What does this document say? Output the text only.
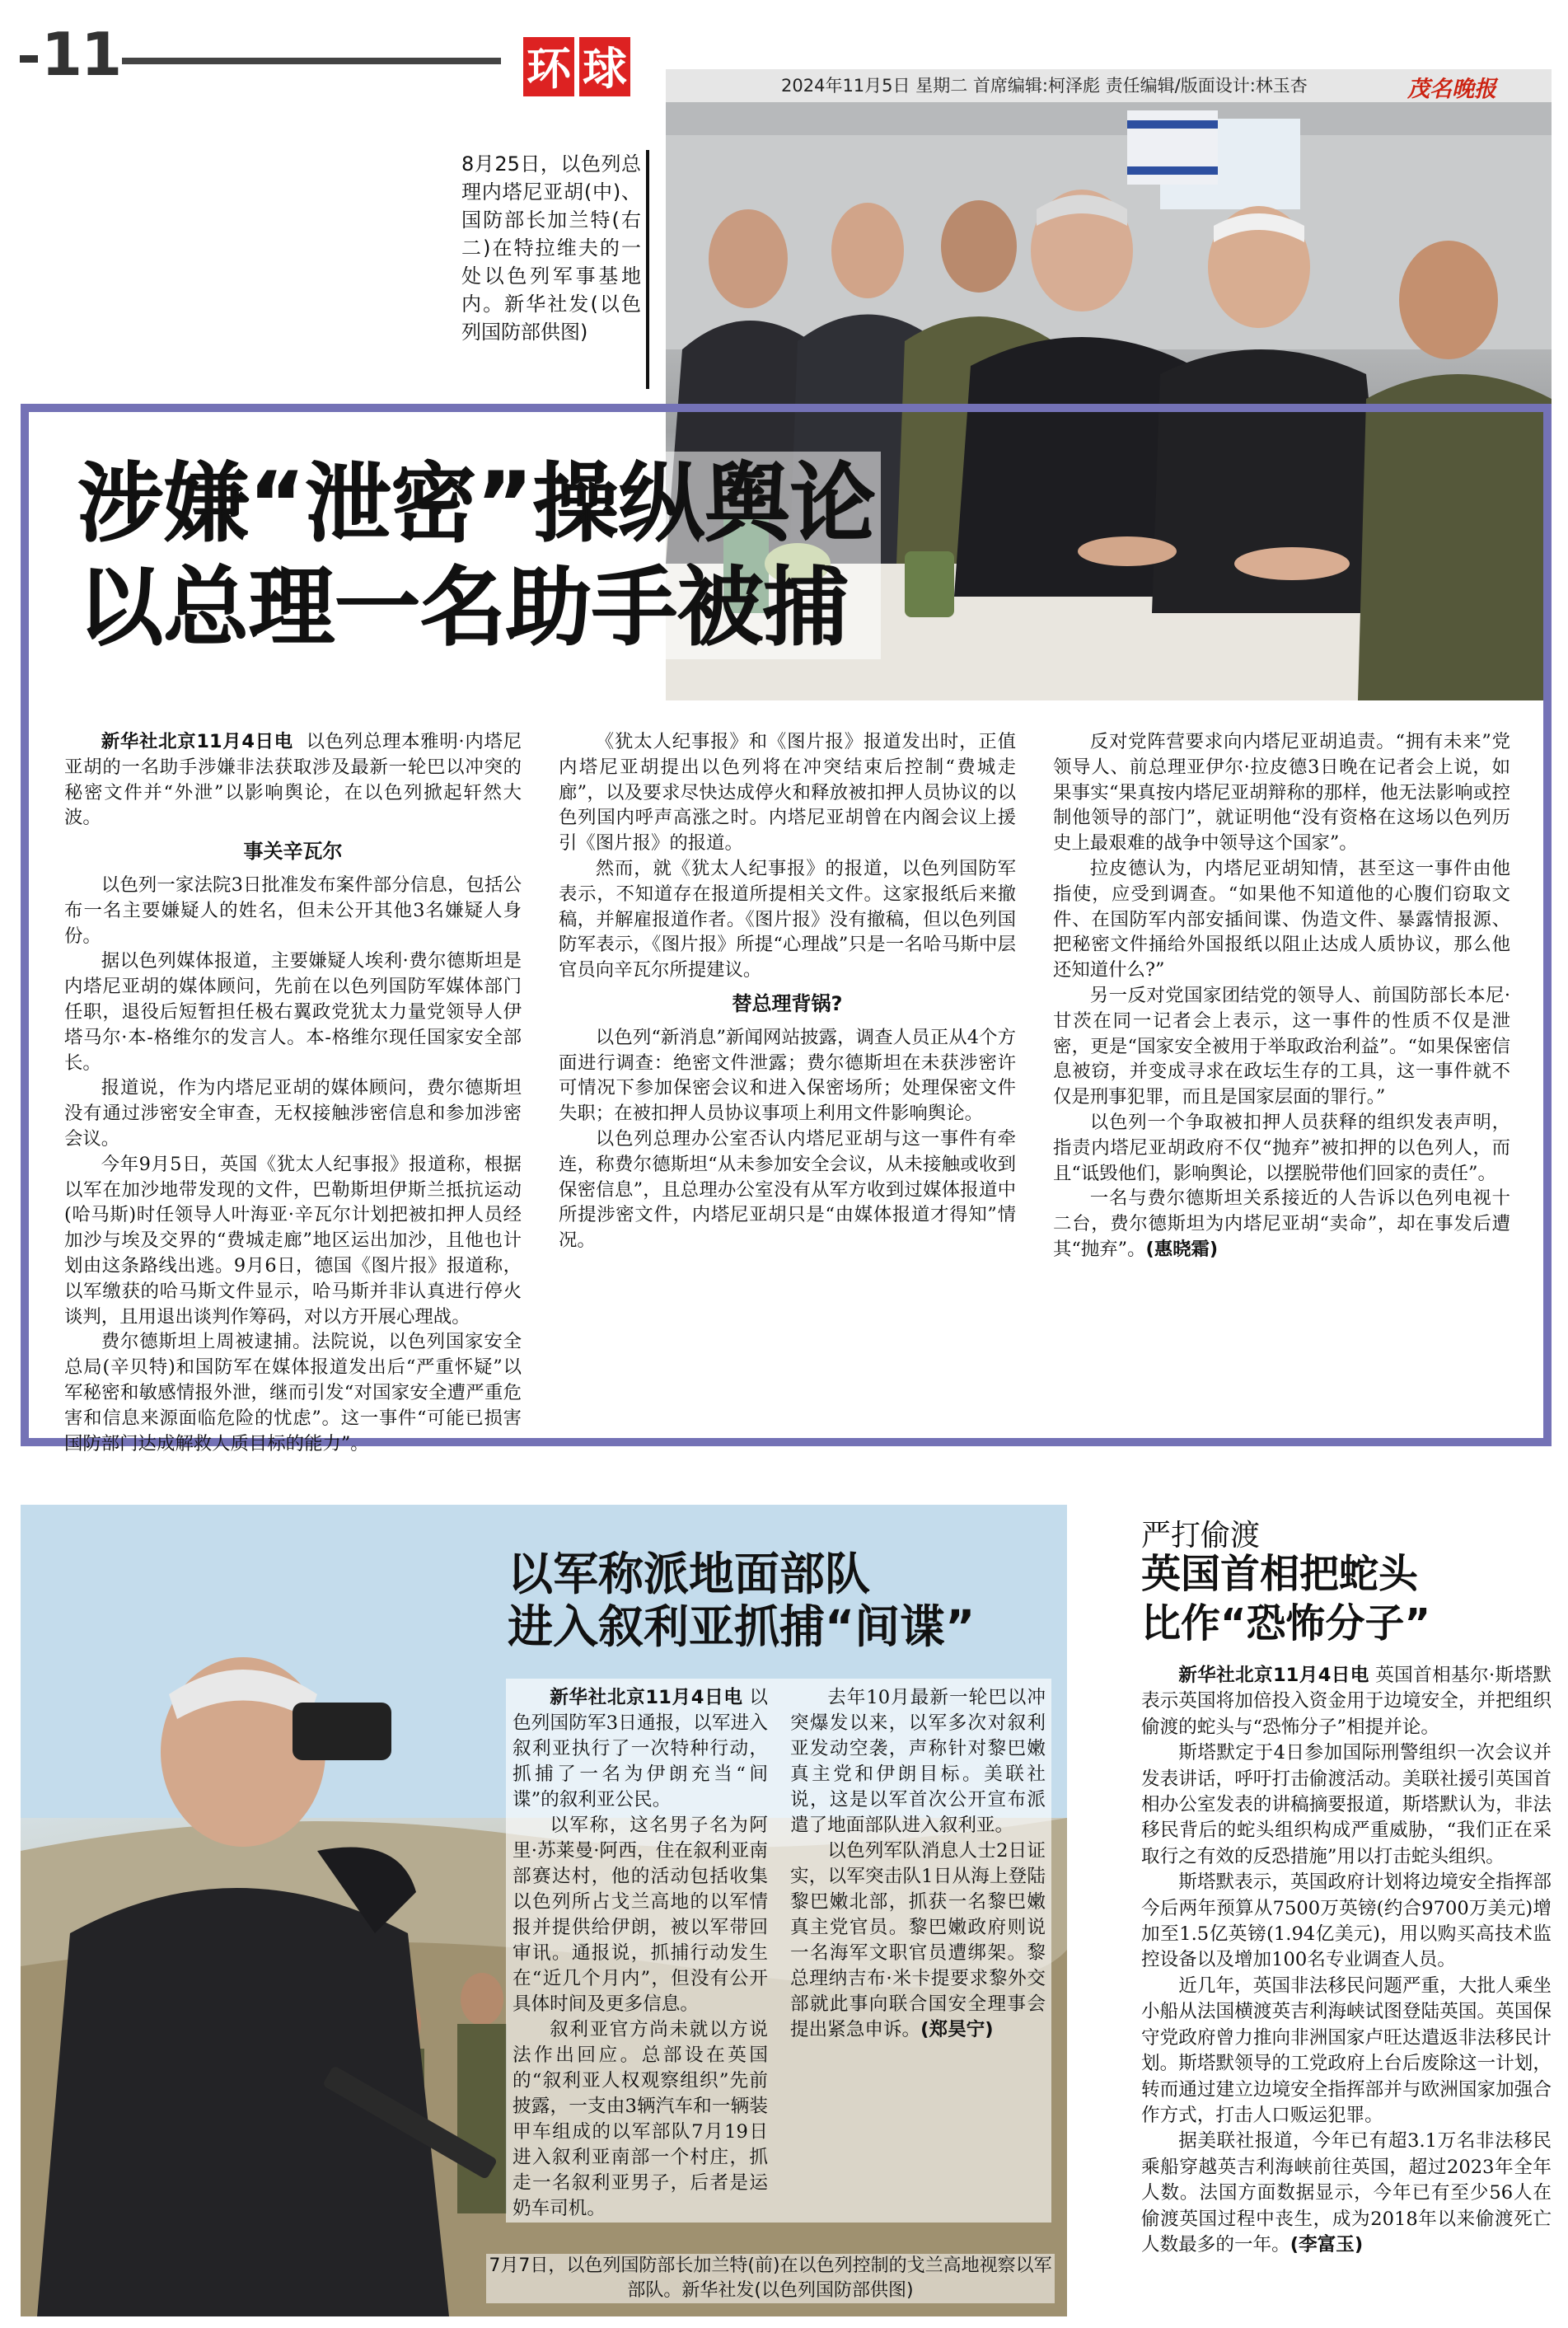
11	环 球	2024年11月5日 星期二 首席编辑:柯泽彪 责任编辑/版面设计:林玉杏	茂名晚报
8月25日，以色列总理内塔尼亚胡(中)、国防部长加兰特(右二)在特拉维夫的一处以色列军事基地内。新华社发(以色列国防部供图)
涉嫌“泄密”操纵舆论
以总理一名助手被捕

新华社北京11月4日电 以色列总理本雅明·内塔尼亚胡的一名助手涉嫌非法获取涉及最新一轮巴以冲突的秘密文件并“外泄”以影响舆论，在以色列掀起轩然大波。

事关辛瓦尔

以色列一家法院3日批准发布案件部分信息，包括公布一名主要嫌疑人的姓名，但未公开其他3名嫌疑人身份。

据以色列媒体报道，主要嫌疑人埃利·费尔德斯坦是内塔尼亚胡的媒体顾问，先前在以色列国防军媒体部门任职，退役后短暂担任极右翼政党犹太力量党领导人伊塔马尔·本-格维尔的发言人。本-格维尔现任国家安全部长。

报道说，作为内塔尼亚胡的媒体顾问，费尔德斯坦没有通过涉密安全审查，无权接触涉密信息和参加涉密会议。

今年9月5日，英国《犹太人纪事报》报道称，根据以军在加沙地带发现的文件，巴勒斯坦伊斯兰抵抗运动(哈马斯)时任领导人叶海亚·辛瓦尔计划把被扣押人员经加沙与埃及交界的“费城走廊”地区运出加沙，且他也计划由这条路线出逃。9月6日，德国《图片报》报道称，以军缴获的哈马斯文件显示，哈马斯并非认真进行停火谈判，且用退出谈判作筹码，对以方开展心理战。

费尔德斯坦上周被逮捕。法院说，以色列国家安全总局(辛贝特)和国防军在媒体报道发出后“严重怀疑”以军秘密和敏感情报外泄，继而引发“对国家安全遭严重危害和信息来源面临危险的忧虑”。这一事件“可能已损害国防部门达成解救人质目标的能力”。

《犹太人纪事报》和《图片报》报道发出时，正值内塔尼亚胡提出以色列将在冲突结束后控制“费城走廊”，以及要求尽快达成停火和释放被扣押人员协议的以色列国内呼声高涨之时。内塔尼亚胡曾在内阁会议上援引《图片报》的报道。

然而，就《犹太人纪事报》的报道，以色列国防军表示，不知道存在报道所提相关文件。这家报纸后来撤稿，并解雇报道作者。《图片报》没有撤稿，但以色列国防军表示，《图片报》所提“心理战”只是一名哈马斯中层官员向辛瓦尔所提建议。

替总理背锅?

以色列“新消息”新闻网站披露，调查人员正从4个方面进行调查：绝密文件泄露；费尔德斯坦在未获涉密许可情况下参加保密会议和进入保密场所；处理保密文件失职；在被扣押人员协议事项上利用文件影响舆论。

以色列总理办公室否认内塔尼亚胡与这一事件有牵连，称费尔德斯坦“从未参加安全会议，从未接触或收到保密信息”，且总理办公室没有从军方收到过媒体报道中所提涉密文件，内塔尼亚胡只是“由媒体报道才得知”情况。

反对党阵营要求向内塔尼亚胡追责。“拥有未来”党领导人、前总理亚伊尔·拉皮德3日晚在记者会上说，如果事实“果真按内塔尼亚胡辩称的那样，他无法影响或控制他领导的部门”，就证明他“没有资格在这场以色列历史上最艰难的战争中领导这个国家”。

拉皮德认为，内塔尼亚胡知情，甚至这一事件由他指使，应受到调查。“如果他不知道他的心腹们窃取文件、在国防军内部安插间谍、伪造文件、暴露情报源、把秘密文件捅给外国报纸以阻止达成人质协议，那么他还知道什么?”

另一反对党国家团结党的领导人、前国防部长本尼·甘茨在同一记者会上表示，这一事件的性质不仅是泄密，更是“国家安全被用于举取政治利益”。“如果保密信息被窃，并变成寻求在政坛生存的工具，这一事件就不仅是刑事犯罪，而且是国家层面的罪行。”

以色列一个争取被扣押人员获释的组织发表声明，指责内塔尼亚胡政府不仅“抛弃”被扣押的以色列人，而且“诋毁他们，影响舆论，以摆脱带他们回家的责任”。

一名与费尔德斯坦关系接近的人告诉以色列电视十二台，费尔德斯坦为内塔尼亚胡“卖命”，却在事发后遭其“抛弃”。(惠晓霜)

以军称派地面部队
进入叙利亚抓捕“间谍”

新华社北京11月4日电 以色列国防军3日通报，以军进入叙利亚执行了一次特种行动，抓捕了一名为伊朗充当“间谍”的叙利亚公民。

以军称，这名男子名为阿里·苏莱曼·阿西，住在叙利亚南部赛达村，他的活动包括收集以色列所占戈兰高地的以军情报并提供给伊朗，被以军带回审讯。通报说，抓捕行动发生在“近几个月内”，但没有公开具体时间及更多信息。

叙利亚官方尚未就以方说法作出回应。总部设在英国的“叙利亚人权观察组织”先前披露，一支由3辆汽车和一辆装甲车组成的以军部队7月19日进入叙利亚南部一个村庄，抓走一名叙利亚男子，后者是运奶车司机。

去年10月最新一轮巴以冲突爆发以来，以军多次对叙利亚发动空袭，声称针对黎巴嫩真主党和伊朗目标。美联社说，这是以军首次公开宣布派遣了地面部队进入叙利亚。

以色列军队消息人士2日证实，以军突击队1日从海上登陆黎巴嫩北部，抓获一名黎巴嫩真主党官员。黎巴嫩政府则说一名海军文职官员遭绑架。黎总理纳吉布·米卡提要求黎外交部就此事向联合国安全理事会提出紧急申诉。(郑昊宁)

7月7日，以色列国防部长加兰特(前)在以色列控制的戈兰高地视察以军部队。新华社发(以色列国防部供图)
严打偷渡
英国首相把蛇头
比作“恐怖分子”

新华社北京11月4日电 英国首相基尔·斯塔默表示英国将加倍投入资金用于边境安全，并把组织偷渡的蛇头与“恐怖分子”相提并论。

斯塔默定于4日参加国际刑警组织一次会议并发表讲话，呼吁打击偷渡活动。美联社援引英国首相办公室发表的讲稿摘要报道，斯塔默认为，非法移民背后的蛇头组织构成严重威胁，“我们正在采取行之有效的反恐措施”用以打击蛇头组织。

斯塔默表示，英国政府计划将边境安全指挥部今后两年预算从7500万英镑(约合9700万美元)增加至1.5亿英镑(1.94亿美元)，用以购买高技术监控设备以及增加100名专业调查人员。

近几年，英国非法移民问题严重，大批人乘坐小船从法国横渡英吉利海峡试图登陆英国。英国保守党政府曾力推向非洲国家卢旺达遣返非法移民计划。斯塔默领导的工党政府上台后废除这一计划，转而通过建立边境安全指挥部并与欧洲国家加强合作方式，打击人口贩运犯罪。

据美联社报道，今年已有超3.1万名非法移民乘船穿越英吉利海峡前往英国，超过2023年全年人数。法国方面数据显示，今年已有至少56人在偷渡英国过程中丧生，成为2018年以来偷渡死亡人数最多的一年。(李富玉)
